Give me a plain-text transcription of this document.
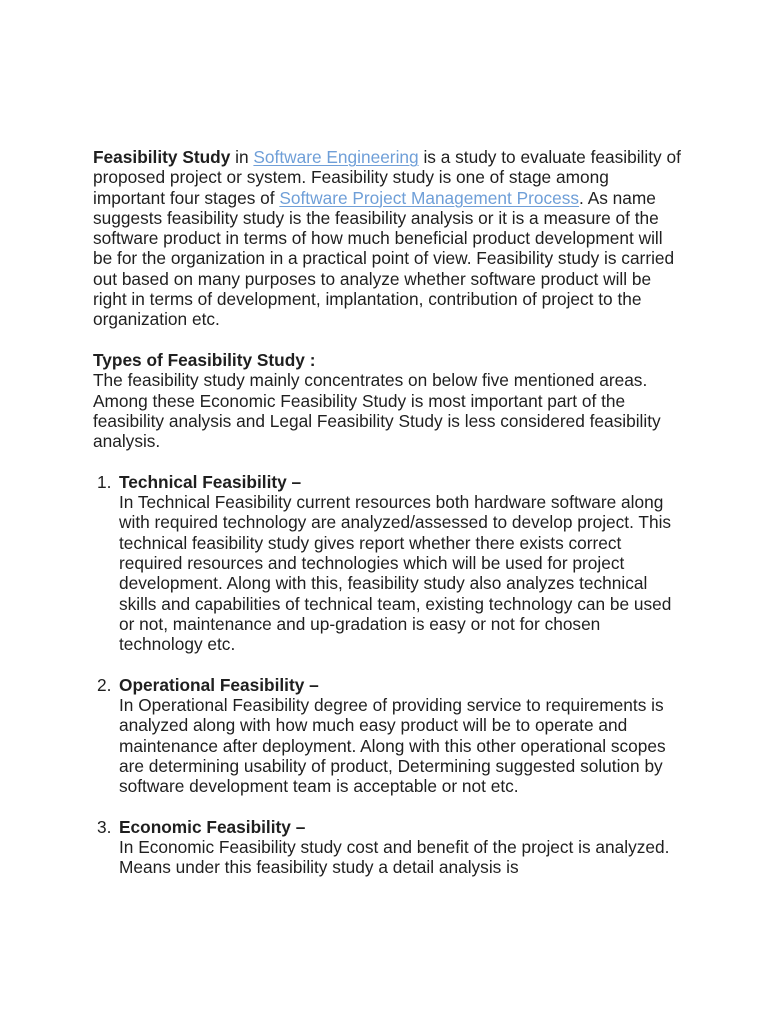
Feasibility Study in Software Engineering is a study to evaluate feasibility of proposed project or system. Feasibility study is one of stage among important four stages of Software Project Management Process. As name suggests feasibility study is the feasibility analysis or it is a measure of the software product in terms of how much beneficial product development will be for the organization in a practical point of view. Feasibility study is carried out based on many purposes to analyze whether software product will be right in terms of development, implantation, contribution of project to the organization etc.

Types of Feasibility Study :

The feasibility study mainly concentrates on below five mentioned areas. Among these Economic Feasibility Study is most important part of the feasibility analysis and Legal Feasibility Study is less considered feasibility analysis.

1. Technical Feasibility –

In Technical Feasibility current resources both hardware software along with required technology are analyzed/assessed to develop project. This technical feasibility study gives report whether there exists correct required resources and technologies which will be used for project development. Along with this, feasibility study also analyzes technical skills and capabilities of technical team, existing technology can be used or not, maintenance and up-gradation is easy or not for chosen technology etc.

2. Operational Feasibility –

In Operational Feasibility degree of providing service to requirements is analyzed along with how much easy product will be to operate and maintenance after deployment. Along with this other operational scopes are determining usability of product, Determining suggested solution by software development team is acceptable or not etc.

3. Economic Feasibility –

In Economic Feasibility study cost and benefit of the project is analyzed. Means under this feasibility study a detail analysis is
